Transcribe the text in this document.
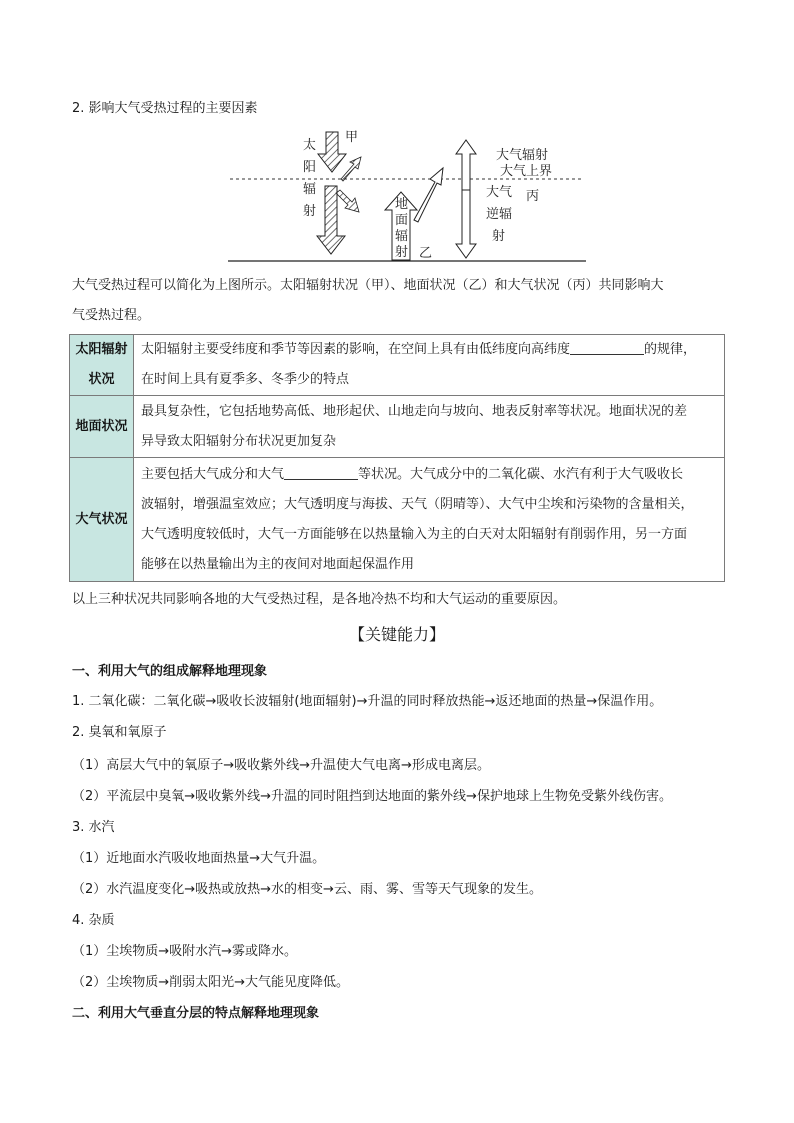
2. 影响大气受热过程的主要因素
太
阳
辐
射
甲
地
面
辐
射 乙
大气辐射
大气上界
大气
逆辐
射
丙
大气受热过程可以简化为上图所示。太阳辐射状况（甲）、地面状况（乙）和大气状况（丙）共同影响大
气受热过程。
太阳辐射状况	太阳辐射主要受纬度和季节等因素的影响，在空间上具有由低纬度向高纬度 的规律，
在时间上具有夏季多、冬季少的特点

地面状况	最具复杂性，它包括地势高低、地形起伏、山地走向与坡向、地表反射率等状况。地面状况的差
异导致太阳辐射分布状况更加复杂

大气状况	主要包括大气成分和大气 等状况。大气成分中的二氧化碳、水汽有利于大气吸收长
波辐射，增强温室效应；大气透明度与海拔、天气（阴晴等）、大气中尘埃和污染物的含量相关，
大气透明度较低时，大气一方面能够在以热量输入为主的白天对太阳辐射有削弱作用，另一方面
能够在以热量输出为主的夜间对地面起保温作用
以上三种状况共同影响各地的大气受热过程，是各地冷热不均和大气运动的重要原因。
【关键能力】
一、利用大气的组成解释地理现象
1. 二氧化碳：二氧化碳→吸收长波辐射(地面辐射)→升温的同时释放热能→返还地面的热量→保温作用。
2. 臭氧和氧原子
（1）高层大气中的氧原子→吸收紫外线→升温使大气电离→形成电离层。
（2）平流层中臭氧→吸收紫外线→升温的同时阻挡到达地面的紫外线→保护地球上生物免受紫外线伤害。
3. 水汽
（1）近地面水汽吸收地面热量→大气升温。
（2）水汽温度变化→吸热或放热→水的相变→云、雨、雾、雪等天气现象的发生。
4. 杂质
（1）尘埃物质→吸附水汽→雾或降水。
（2）尘埃物质→削弱太阳光→大气能见度降低。
二、利用大气垂直分层的特点解释地理现象
